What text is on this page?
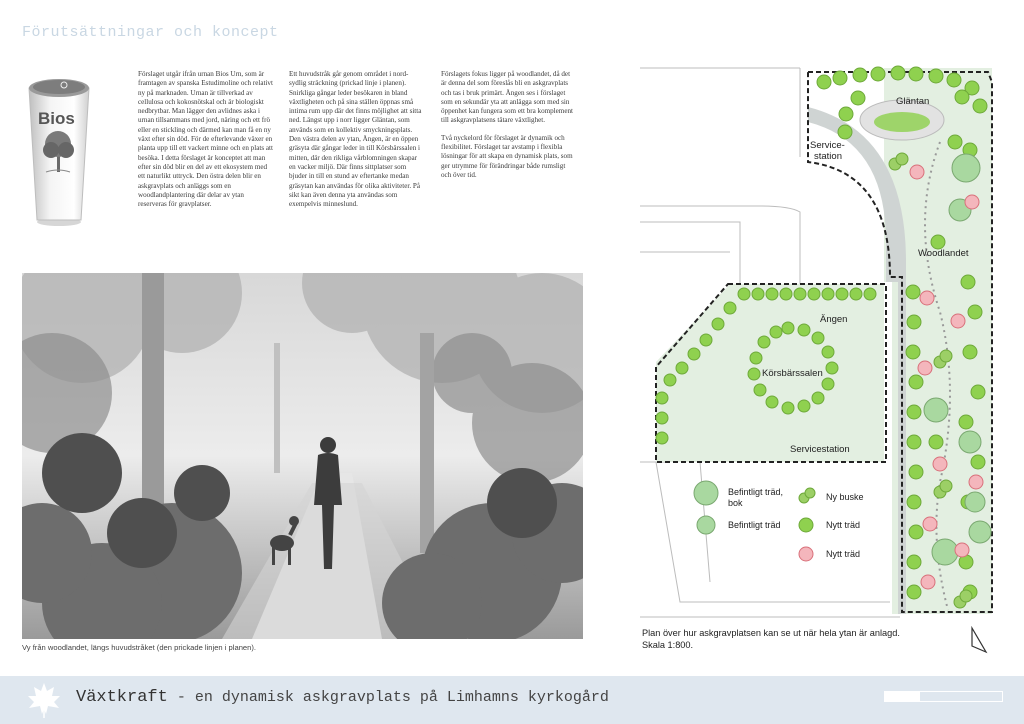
Förutsättningar och koncept
Bios

Förslaget utgår ifrån urnan Bios Urn, som är framtagen av spanska Estudimoline och relativt ny på marknaden. Urnan är tillverkad av cellulosa och kokosnötskal och är biologiskt nedbrytbar. Man lägger den avlidnes aska i urnan tillsammans med jord, näring och ett frö eller en stickling och därmed kan man få en ny växt efter sin död. För de efterlevande växer en planta upp till ett vackert minne och en plats att besöka. I detta förslaget är konceptet att man efter sin död blir en del av ett ekosystem med ett naturlikt uttryck. Den östra delen blir en askgravplats och anläggs som en woodlandplantering där delar av ytan reserveras för gravplatser.

Ett huvudstråk går genom området i nord-sydlig sträckning (prickad linje i planen). Snirkliga gångar leder besökaren in bland växtligheten och på sina ställen öppnas små intima rum upp där det finns möjlighet att sitta ned. Längst upp i norr ligger Gläntan, som används som en kollektiv smyckningsplats. Den västra delen av ytan, Ängen, är en öppen gräsyta där gångar leder in till Körsbärssalen i mitten, där den rikliga vårblomningen skapar en vacker miljö. Där finns sittplatser som bjuder in till en stund av eftertanke medan gräsytan kan användas för olika aktiviteter. På sikt kan även denna yta användas som exempelvis minneslund.

Förslagets fokus ligger på woodlandet, då det är denna del som föreslås bli en askgravplats och tas i bruk primärt. Ängen ses i förslaget som en sekundär yta att anlägga som med sin öppenhet kan fungera som ett bra komplement till askgravplatsens tätare växtlighet.

Två nyckelord för förslaget är dynamik och flexibilitet. Förslaget tar avstamp i flexibla lösningar för att skapa en dynamisk plats, som ger utrymme för förändringar både rumsligt och över tid.

Vy från woodlandet, längs huvudstråket (den prickade linjen i planen).
Gläntan
Service-
station
Woodlandet
Ängen
Körsbärssalen
Servicestation
Befintligt träd,
bok
Befintligt träd
Ny buske
Nytt träd
Nytt träd
Plan över hur askgravplatsen kan se ut när hela ytan är anlagd.
Skala 1:800.
Växtkraft - en dynamisk askgravplats på Limhamns kyrkogård
